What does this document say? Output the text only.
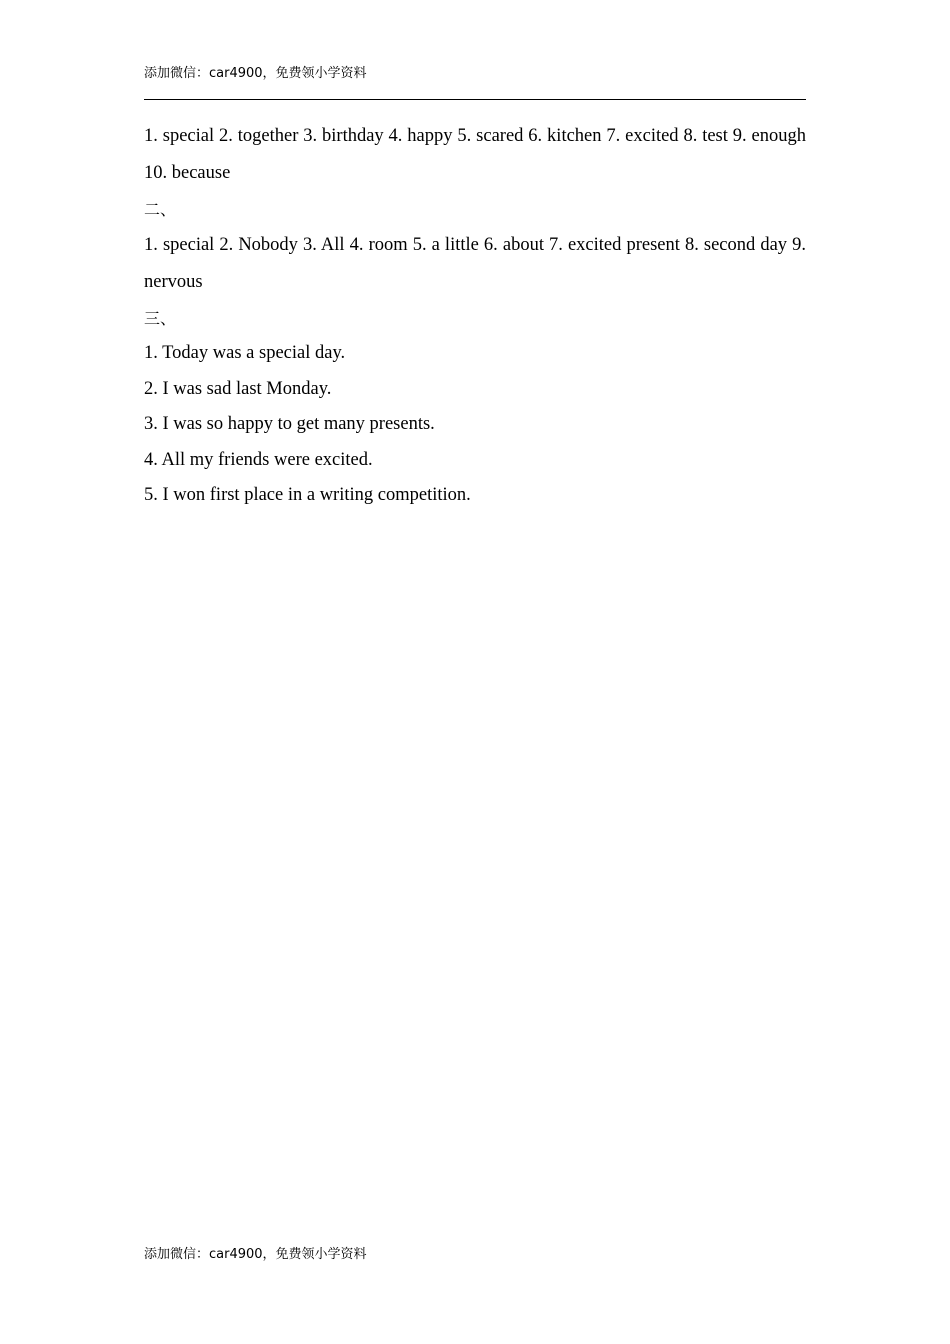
添加微信：car4900，免费领小学资料

1. special 2. together 3. birthday 4. happy 5. scared 6. kitchen 7. excited 8. test 9. enough 10. because

二、

1. special 2. Nobody 3. All 4. room 5. a little 6. about 7. excited present 8. second day 9. nervous

三、

1. Today was a special day.

2. I was sad last Monday.

3. I was so happy to get many presents.

4. All my friends were excited.

5. I won first place in a writing competition.

添加微信：car4900，免费领小学资料
